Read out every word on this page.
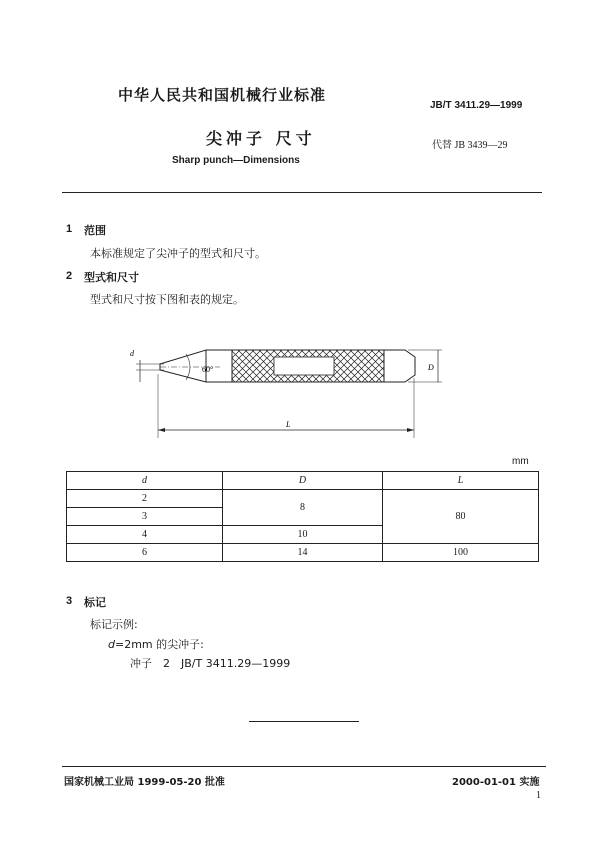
中华人民共和国机械行业标准
JB/T 3411.29—1999
尖冲子 尺寸	代替 JB 3439—29
Sharp punch—Dimensions
1 范围
本标准规定了尖冲子的型式和尺寸。
2 型式和尺寸
型式和尺寸按下图和表的规定。
d
60°	D
L
mm
d	D	L
2	8	80
3		
4	10	
6	14	100
3 标记
标记示例:
d=2mm 的尖冲子:
冲子　2　JB/T 3411.29—1999
国家机械工业局 1999-05-20 批准	2000-01-01 实施
1
